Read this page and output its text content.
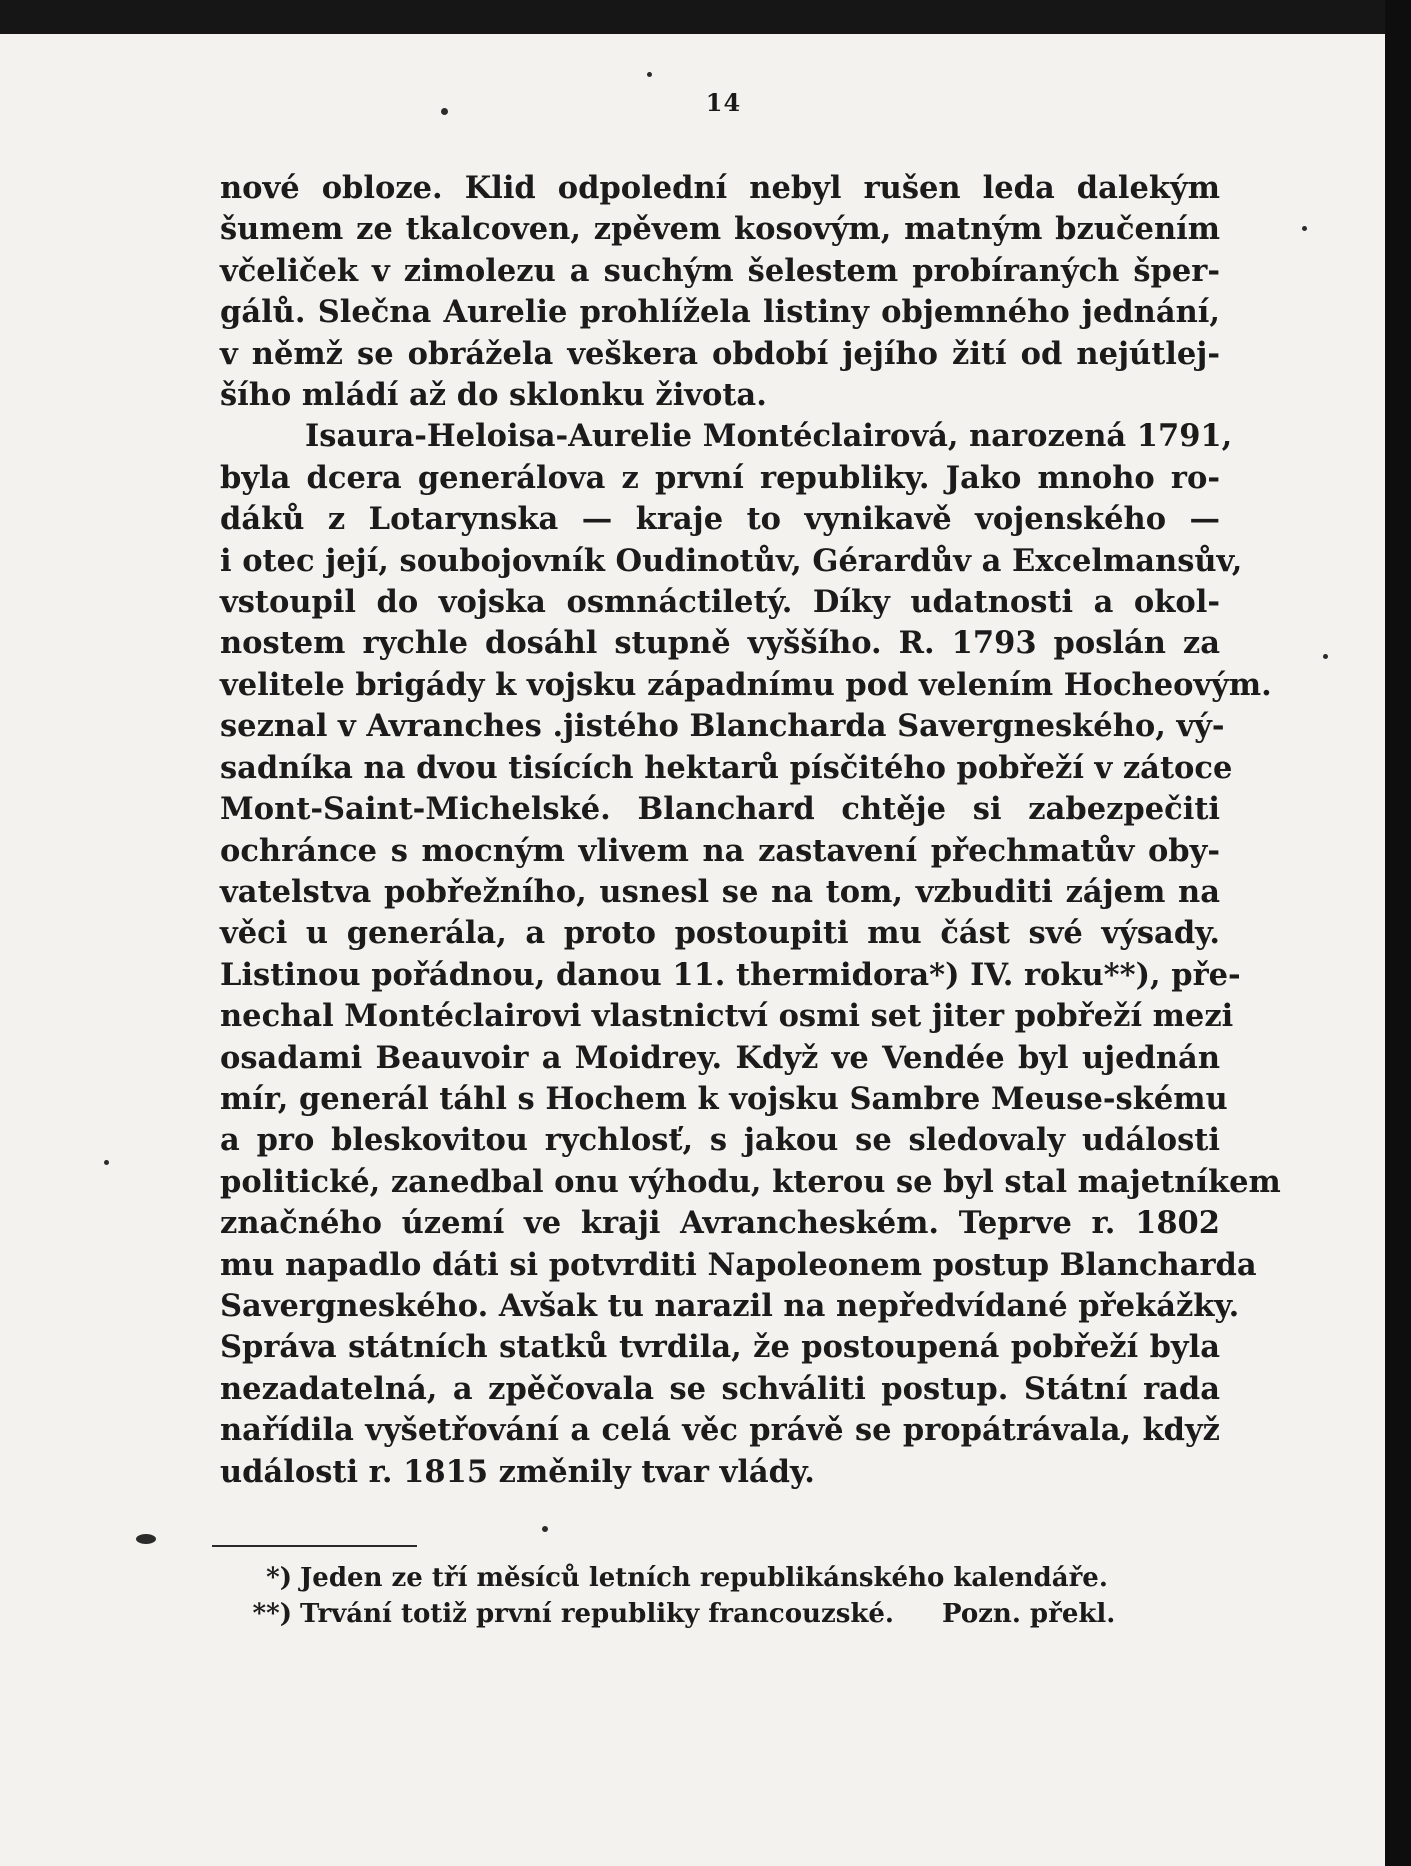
14
nové obloze. Klid odpolední nebyl rušen leda dalekým
šumem ze tkalcoven, zpěvem kosovým, matným bzučením
včeliček v zimolezu a suchým šelestem probíraných šper-
gálů. Slečna Aurelie prohlížela listiny objemného jednání,
v němž se obrážela veškera období jejího žití od nejútlej-
šího mládí až do sklonku života.
Isaura-Heloisa-Aurelie Montéclairová, narozená 1791,
byla dcera generálova z první republiky. Jako mnoho ro-
dáků z Lotarynska — kraje to vynikavě vojenského —
i otec její, soubojovník Oudinotův, Gérardův a Excelmansův,
vstoupil do vojska osmnáctiletý. Díky udatnosti a okol-
nostem rychle dosáhl stupně vyššího. R. 1793 poslán za
velitele brigády k vojsku západnímu pod velením Hocheovým.
seznal v Avranches .jistého Blancharda Savergneského, vý-
sadníka na dvou tisících hektarů písčitého pobřeží v zátoce
Mont-Saint-Michelské. Blanchard chtěje si zabezpečiti
ochránce s mocným vlivem na zastavení přechmatův oby-
vatelstva pobřežního, usnesl se na tom, vzbuditi zájem na
věci u generála, a proto postoupiti mu část své výsady.
Listinou pořádnou, danou 11. thermidora*) IV. roku**), pře-
nechal Montéclairovi vlastnictví osmi set jiter pobřeží mezi
osadami Beauvoir a Moidrey. Když ve Vendée byl ujednán
mír, generál táhl s Hochem k vojsku Sambre Meuse-skému
a pro bleskovitou rychlosť, s jakou se sledovaly události
politické, zanedbal onu výhodu, kterou se byl stal majetníkem
značného území ve kraji Avrancheském. Teprve r. 1802
mu napadlo dáti si potvrditi Napoleonem postup Blancharda
Savergneského. Avšak tu narazil na nepředvídané překážky.
Správa státních statků tvrdila, že postoupená pobřeží byla
nezadatelná, a zpěčovala se schváliti postup. Státní rada
nařídila vyšetřování a celá věc právě se propátrávala, když
události r. 1815 změnily tvar vlády.
*) Jeden ze tří měsíců letních republikánského kalendáře.
**) Trvání totiž první republiky francouzské. Pozn. překl.
